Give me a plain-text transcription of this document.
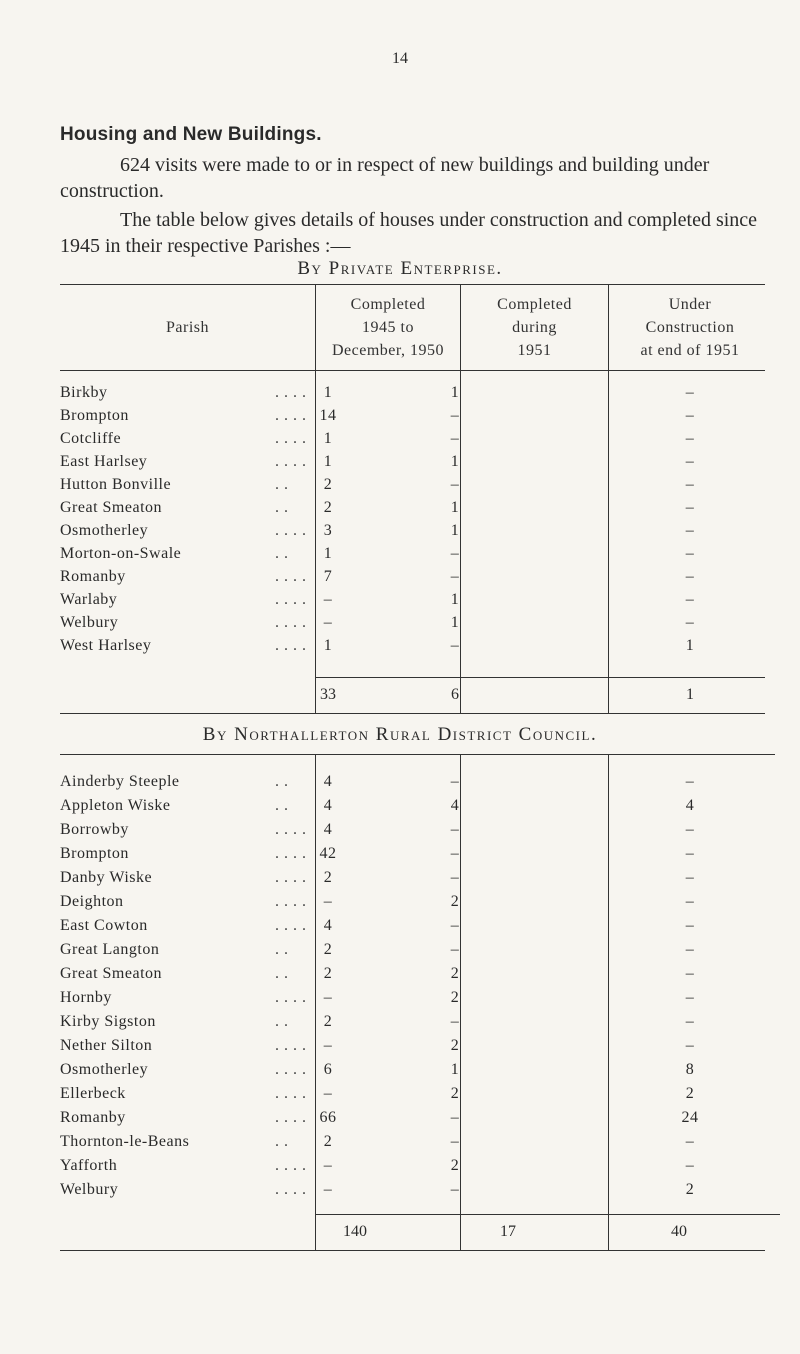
14
Housing and New Buildings.

624 visits were made to or in respect of new buildings and building under construction.

The table below gives details of houses under construction and completed since 1945 in their respective Parishes :—

By Private Enterprise.
Parish
Completed
1945 to
December, 1950
Completed
during
1951
Under
Construction
at end of 1951
Birkby	. . . .	1	1	–
Brompton	. . . . 14	–	–
Cotcliffe	. . . .	1	–	–
East Harlsey	. . . .	1	1	–
Hutton Bonville	. .	2	–	–
Great Smeaton	. .	2	1	–
Osmotherley	. . . .	3	1	–
Morton-on-Swale	. .	1	–	–
Romanby	. . . .	7	–	–
Warlaby	. . . .	–	1	–
Welbury	. . . .	–	1	–
West Harlsey	. . . .	1	–	1
33	6	1
By Northallerton Rural District Council.
Ainderby Steeple	. .	4	–	–
Appleton Wiske	. .	4	4	4
Borrowby	. . . .	4	–	–
Brompton	. . . . 42	–	–
Danby Wiske	. . . .	2	–	–
Deighton	. . . .	–	2	–
East Cowton	. . . .	4	–	–
Great Langton	. .	2	–	–
Great Smeaton	. .	2	2	–
Hornby	. . . .	–	2	–
Kirby Sigston	. .	2	–	–
Nether Silton	. . . .	–	2	–
Osmotherley	. . . .	6	1	8
Ellerbeck	. . . .	–	2	2
Romanby	. . . . 66	–	24
Thornton-le-Beans	. .	2	–	–
Yafforth	. . . .	–	2	–
Welbury	. . . .	–	–	2
140	17	40
